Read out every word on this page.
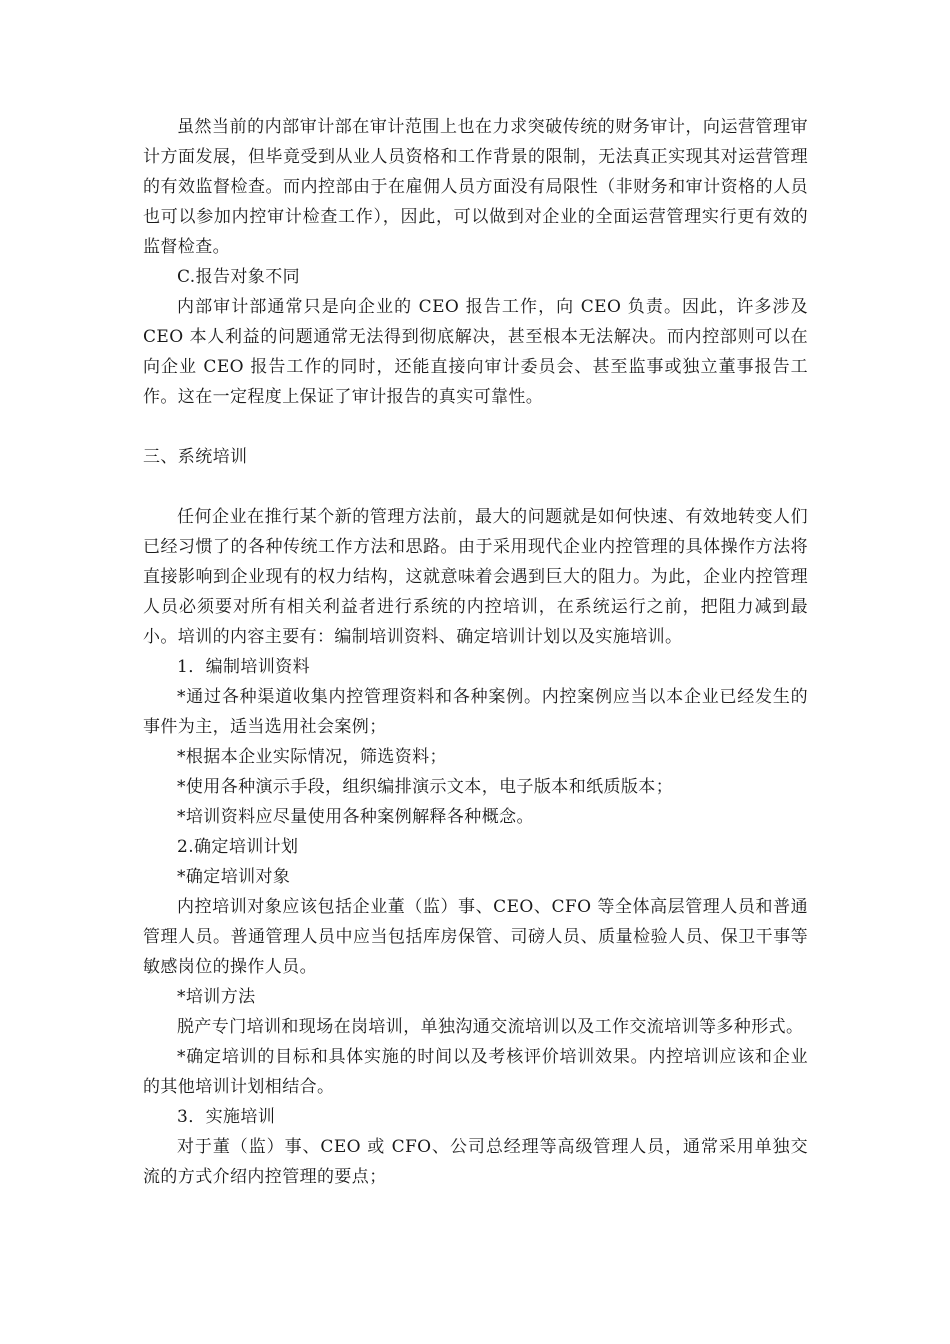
虽然当前的内部审计部在审计范围上也在力求突破传统的财务审计，向运营管理审计方面发展，但毕竟受到从业人员资格和工作背景的限制，无法真正实现其对运营管理的有效监督检查。而内控部由于在雇佣人员方面没有局限性（非财务和审计资格的人员也可以参加内控审计检查工作），因此，可以做到对企业的全面运营管理实行更有效的监督检查。

C.报告对象不同

内部审计部通常只是向企业的 CEO 报告工作，向 CEO 负责。因此，许多涉及 CEO 本人利益的问题通常无法得到彻底解决，甚至根本无法解决。而内控部则可以在向企业 CEO 报告工作的同时，还能直接向审计委员会、甚至监事或独立董事报告工作。这在一定程度上保证了审计报告的真实可靠性。

三、系统培训

任何企业在推行某个新的管理方法前，最大的问题就是如何快速、有效地转变人们已经习惯了的各种传统工作方法和思路。由于采用现代企业内控管理的具体操作方法将直接影响到企业现有的权力结构，这就意味着会遇到巨大的阻力。为此，企业内控管理人员必须要对所有相关利益者进行系统的内控培训，在系统运行之前，把阻力减到最小。培训的内容主要有：编制培训资料、确定培训计划以及实施培训。

1．编制培训资料

*通过各种渠道收集内控管理资料和各种案例。内控案例应当以本企业已经发生的事件为主，适当选用社会案例；

*根据本企业实际情况，筛选资料；

*使用各种演示手段，组织编排演示文本，电子版本和纸质版本；

*培训资料应尽量使用各种案例解释各种概念。

2.确定培训计划

*确定培训对象

内控培训对象应该包括企业董（监）事、CEO、CFO 等全体高层管理人员和普通管理人员。普通管理人员中应当包括库房保管、司磅人员、质量检验人员、保卫干事等敏感岗位的操作人员。

*培训方法

脱产专门培训和现场在岗培训，单独沟通交流培训以及工作交流培训等多种形式。

*确定培训的目标和具体实施的时间以及考核评价培训效果。内控培训应该和企业的其他培训计划相结合。

3．实施培训

对于董（监）事、CEO 或 CFO、公司总经理等高级管理人员，通常采用单独交流的方式介绍内控管理的要点；
